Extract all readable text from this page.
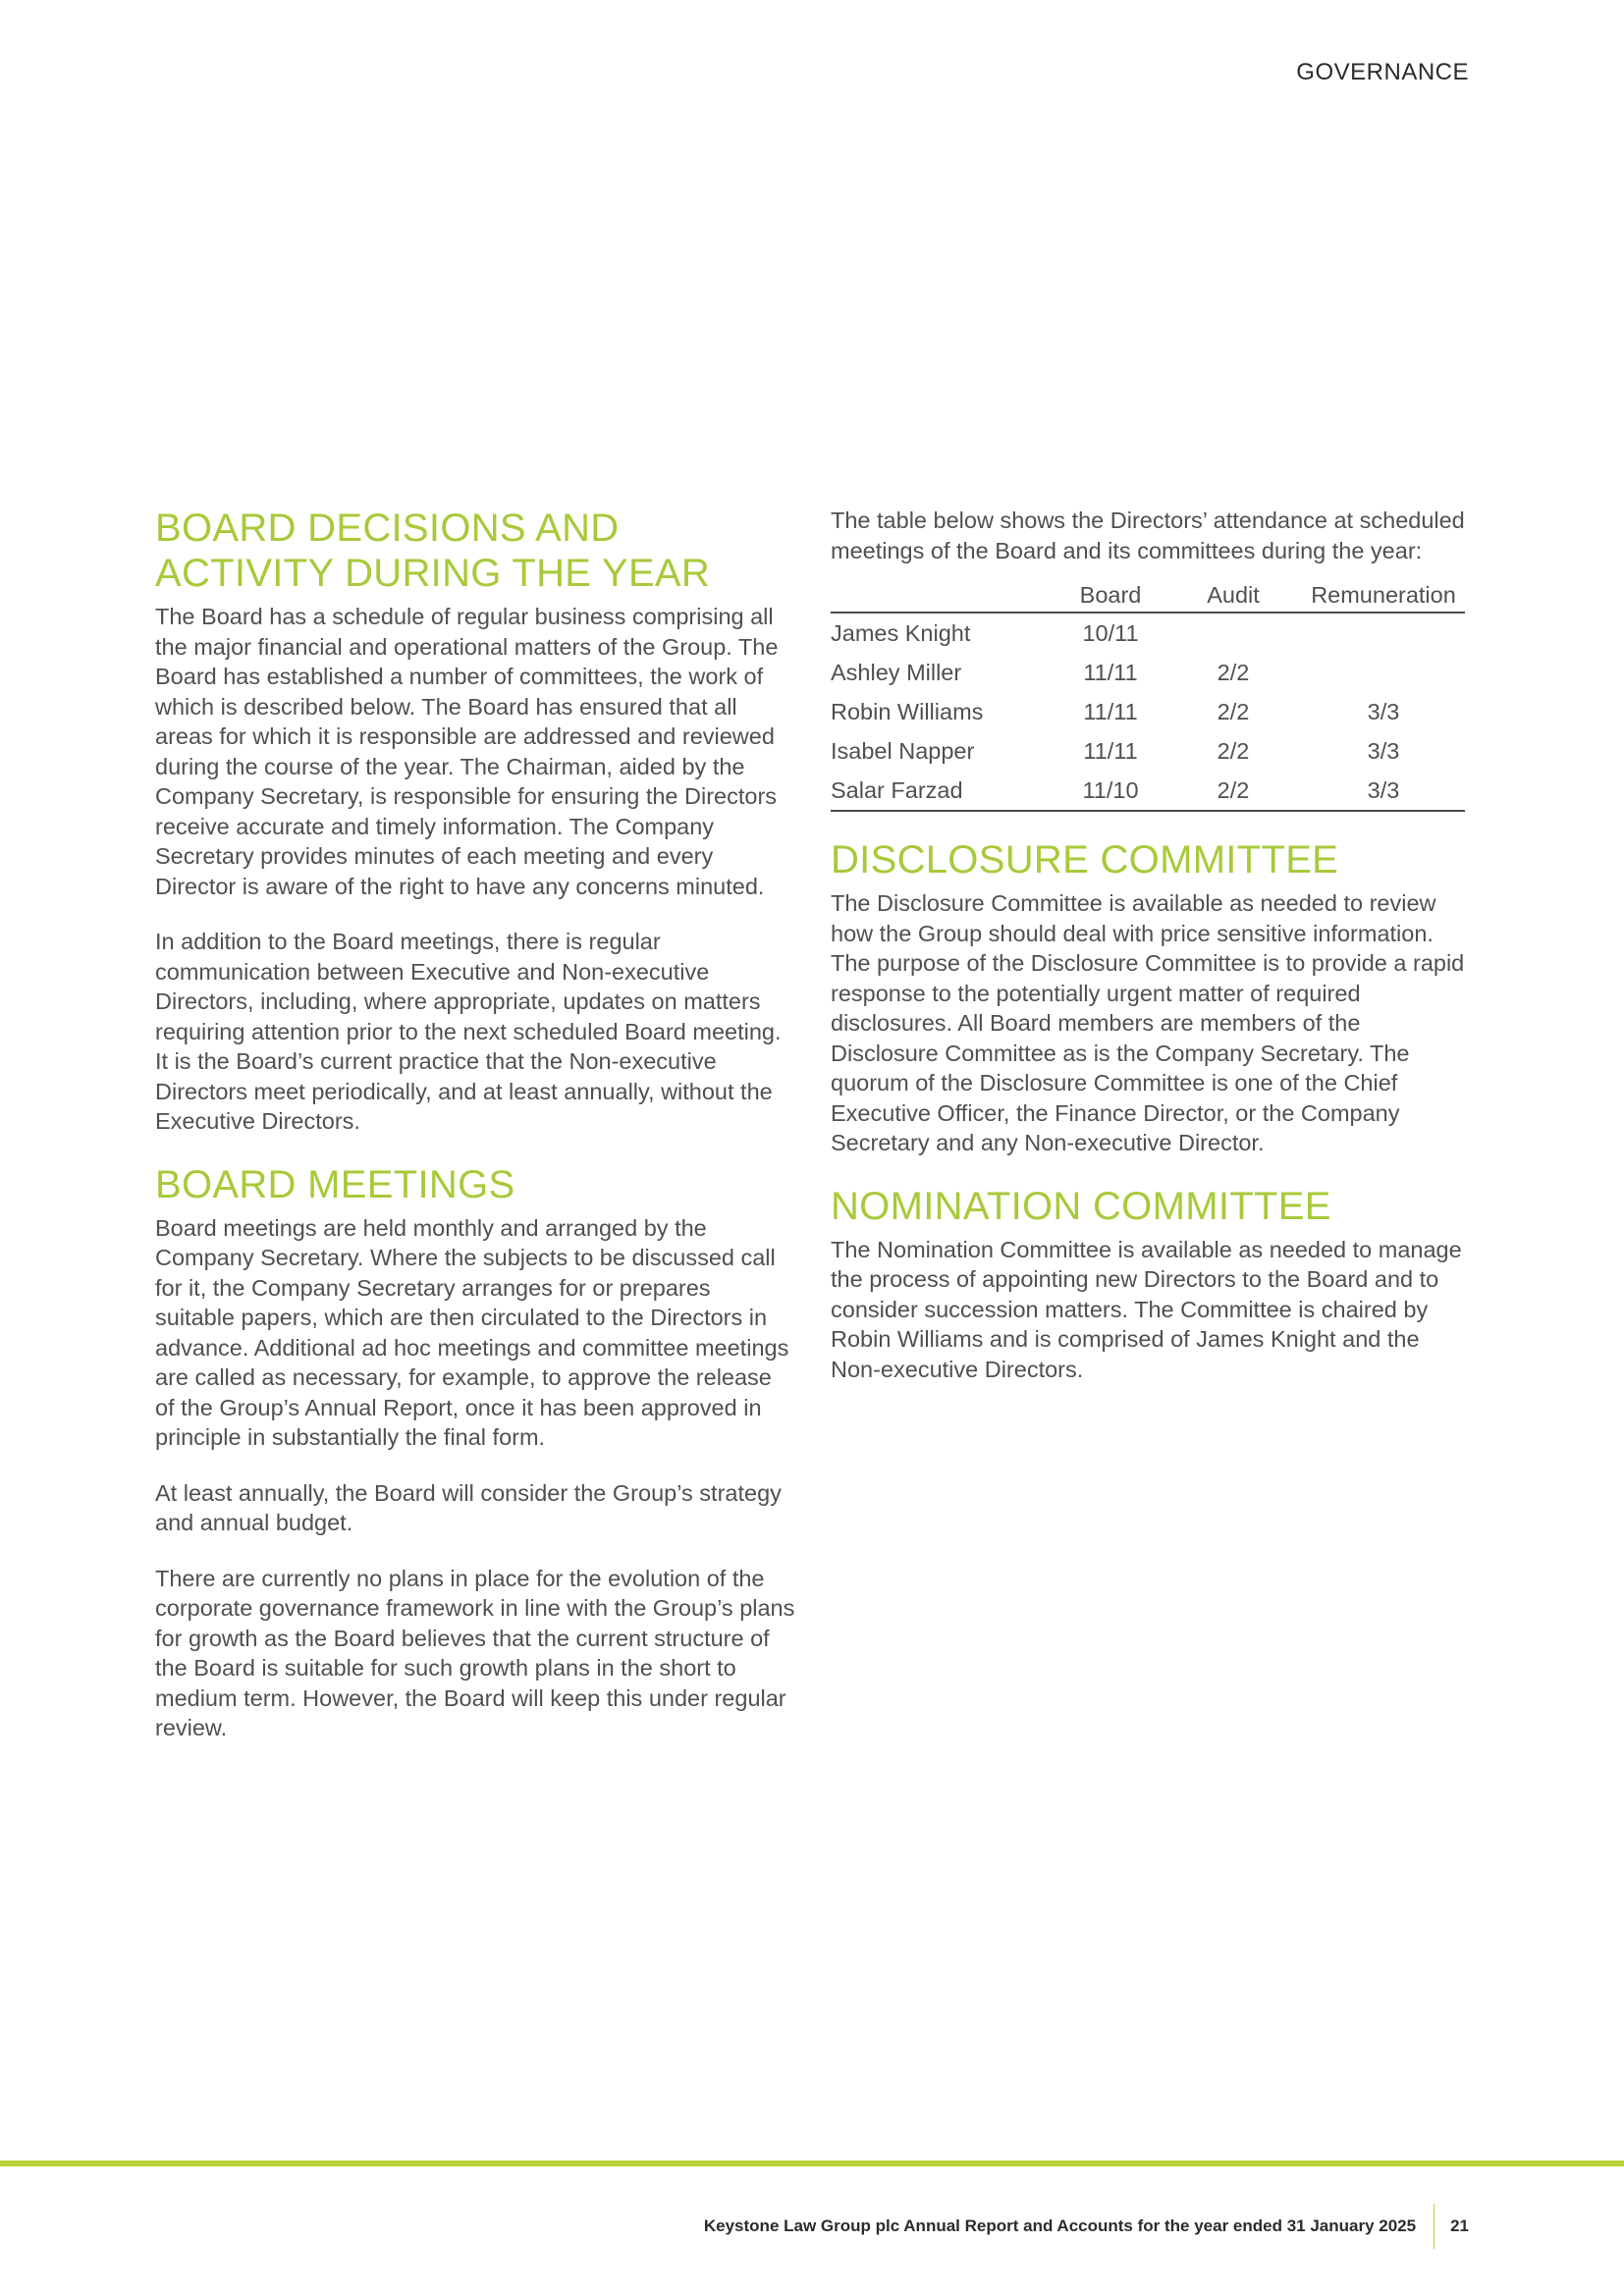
GOVERNANCE
BOARD DECISIONS AND ACTIVITY DURING THE YEAR

The Board has a schedule of regular business comprising all the major financial and operational matters of the Group. The Board has established a number of committees, the work of which is described below. The Board has ensured that all areas for which it is responsible are addressed and reviewed during the course of the year. The Chairman, aided by the Company Secretary, is responsible for ensuring the Directors receive accurate and timely information. The Company Secretary provides minutes of each meeting and every Director is aware of the right to have any concerns minuted.

In addition to the Board meetings, there is regular communication between Executive and Non-executive Directors, including, where appropriate, updates on matters requiring attention prior to the next scheduled Board meeting. It is the Board’s current practice that the Non-executive Directors meet periodically, and at least annually, without the Executive Directors.

BOARD MEETINGS

Board meetings are held monthly and arranged by the Company Secretary. Where the subjects to be discussed call for it, the Company Secretary arranges for or prepares suitable papers, which are then circulated to the Directors in advance. Additional ad hoc meetings and committee meetings are called as necessary, for example, to approve the release of the Group’s Annual Report, once it has been approved in principle in substantially the final form.

At least annually, the Board will consider the Group’s strategy and annual budget.

There are currently no plans in place for the evolution of the corporate governance framework in line with the Group’s plans for growth as the Board believes that the current structure of the Board is suitable for such growth plans in the short to medium term. However, the Board will keep this under regular review.

The table below shows the Directors’ attendance at scheduled meetings of the Board and its committees during the year:

	Board	Audit	Remuneration
James Knight	10/11		
Ashley Miller	11/11	2/2	
Robin Williams	11/11	2/2	3/3
Isabel Napper	11/11	2/2	3/3
Salar Farzad	11/10	2/2	3/3
DISCLOSURE COMMITTEE

The Disclosure Committee is available as needed to review how the Group should deal with price sensitive information. The purpose of the Disclosure Committee is to provide a rapid response to the potentially urgent matter of required disclosures. All Board members are members of the Disclosure Committee as is the Company Secretary. The quorum of the Disclosure Committee is one of the Chief Executive Officer, the Finance Director, or the Company Secretary and any Non-executive Director.

NOMINATION COMMITTEE

The Nomination Committee is available as needed to manage the process of appointing new Directors to the Board and to consider succession matters. The Committee is chaired by Robin Williams and is comprised of James Knight and the Non-executive Directors.

Keystone Law Group plc Annual Report and Accounts for the year ended 31 January 2025 21
